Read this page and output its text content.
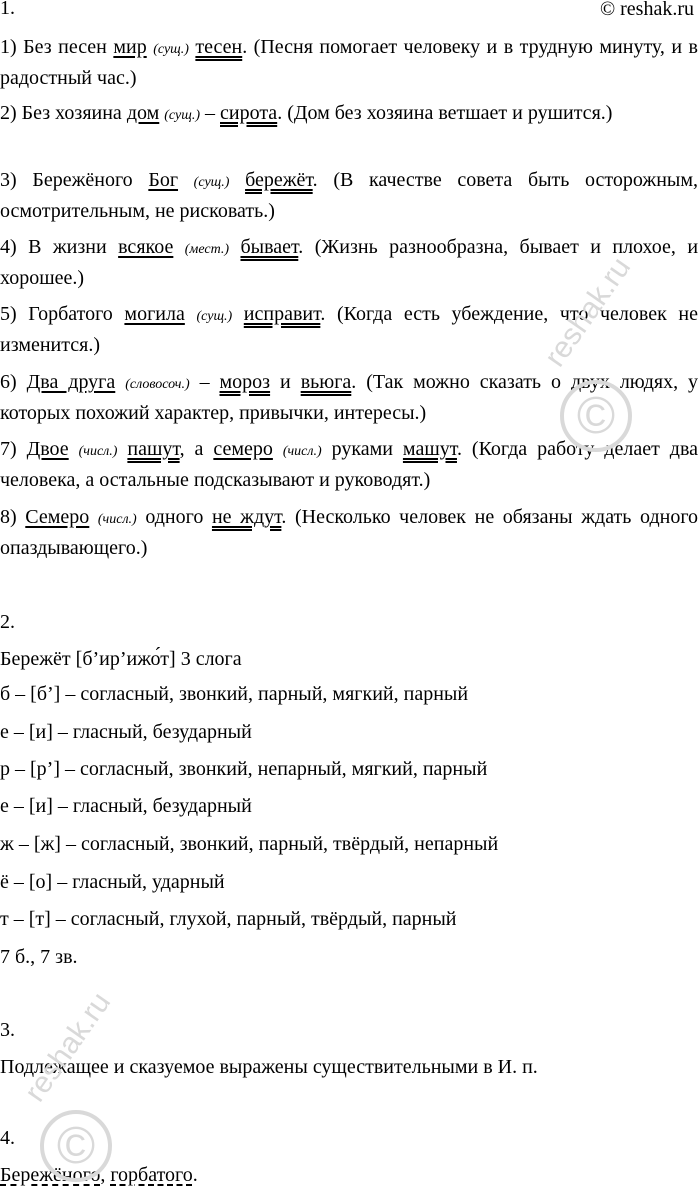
© reshak.ru
1.
1) Без песен мир (сущ.) тесен. (Песня помогает человеку и в трудную минуту, и в радостный час.)
2) Без хозяина дом (сущ.) – сирота. (Дом без хозяина ветшает и рушится.)
3) Бережёного Бог (сущ.) бережёт. (В качестве совета быть осторожным, осмотрительным, не рисковать.)
4) В жизни всякое (мест.) бывает. (Жизнь разнообразна, бывает и плохое, и хорошее.)
5) Горбатого могила (сущ.) исправит. (Когда есть убеждение, что человек не изменится.)
6) Два друга (словосоч.) – мороз и вьюга. (Так можно сказать о двух людях, у которых похожий характер, привычки, интересы.)
7) Двое (числ.) пашут, а семеро (числ.) руками машут. (Когда работу делает два человека, а остальные подсказывают и руководят.)
8) Семеро (числ.) одного не ждут. (Несколько человек не обязаны ждать одного опаздывающего.)
2.
Бережёт [б’ир’ижо́т] 3 слога
б – [б’] – согласный, звонкий, парный, мягкий, парный
е – [и] – гласный, безударный
р – [р’] – согласный, звонкий, непарный, мягкий, парный
е – [и] – гласный, безударный
ж – [ж] – согласный, звонкий, парный, твёрдый, непарный
ё – [о] – гласный, ударный
т – [т] – согласный, глухой, парный, твёрдый, парный
7 б., 7 зв.
3.
Подлежащее и сказуемое выражены существительными в И. п.
4.
Бережёного, горбатого.
reshak.ru
©
reshak.ru
©
